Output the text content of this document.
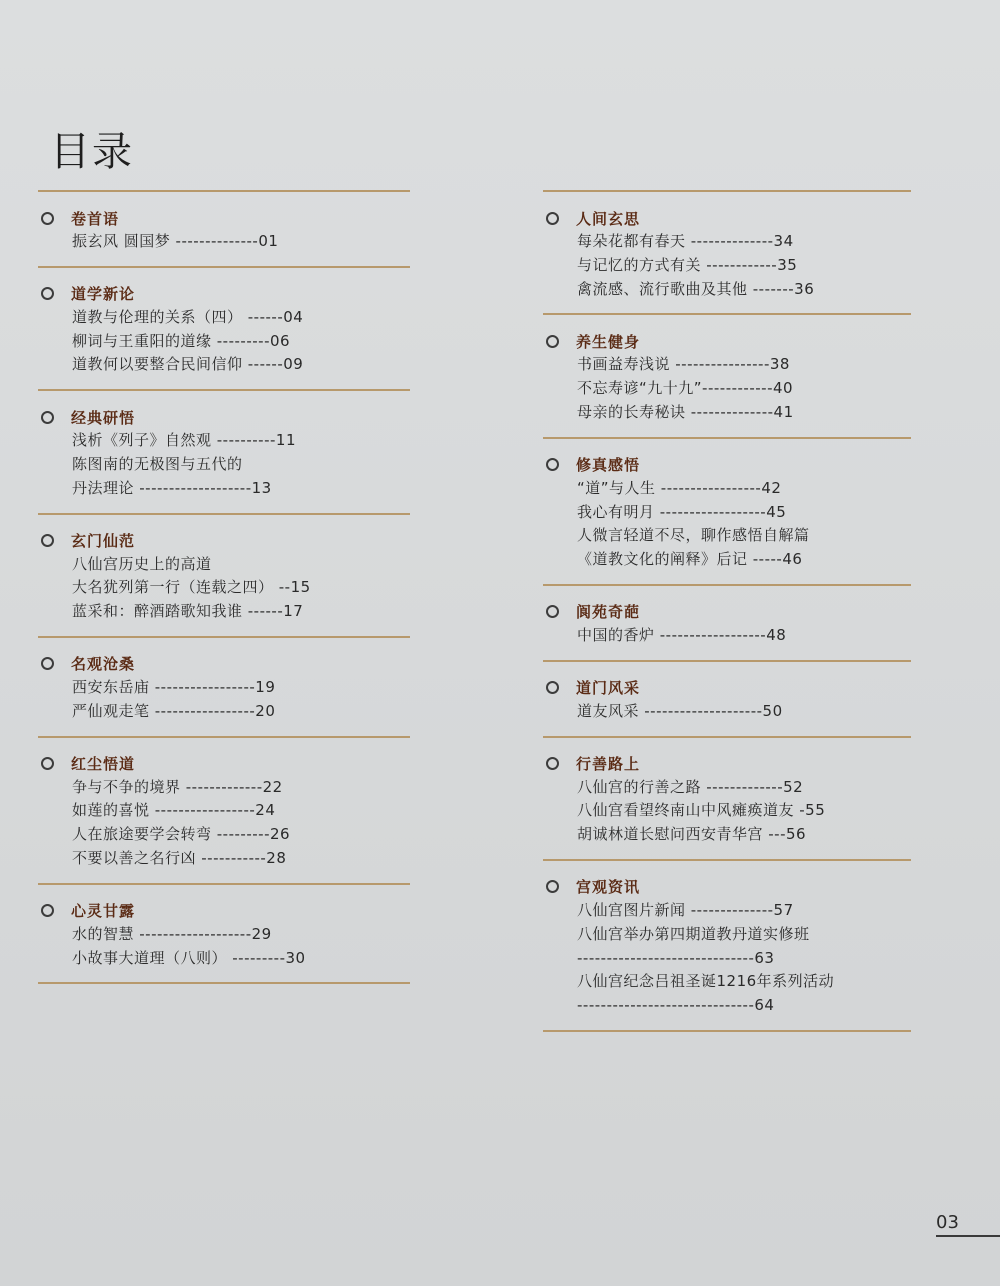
目录
卷首语
振玄风 圆国梦 --------------01
道学新论
道教与伦理的关系（四） ------04
柳词与王重阳的道缘 ---------06
道教何以要整合民间信仰 ------09
经典研悟
浅析《列子》自然观 ----------11
陈图南的无极图与五代的
丹法理论 -------------------13
玄门仙范
八仙宫历史上的高道
大名犹列第一行（连载之四） --15
蓝采和：醉酒踏歌知我谁 ------17
名观沧桑
西安东岳庙 -----------------19
严仙观走笔 -----------------20
红尘悟道
争与不争的境界 -------------22
如莲的喜悦 -----------------24
人在旅途要学会转弯 ---------26
不要以善之名行凶 -----------28
心灵甘露
水的智慧 -------------------29
小故事大道理（八则） ---------30
人间玄思
每朵花都有春天 --------------34
与记忆的方式有关 ------------35
禽流感、流行歌曲及其他 -------36
养生健身
书画益寿浅说 ----------------38
不忘寿谚“九十九”------------40
母亲的长寿秘诀 --------------41
修真感悟
“道”与人生 -----------------42
我心有明月 ------------------45
人微言轻道不尽，聊作感悟自解篇
《道教文化的阐释》后记 -----46
阆苑奇葩
中国的香炉 ------------------48
道门风采
道友风采 --------------------50
行善路上
八仙宫的行善之路 -------------52
八仙宫看望终南山中风瘫痪道友 -55
胡诚林道长慰问西安青华宫 ---56
宫观资讯
八仙宫图片新闻 --------------57
八仙宫举办第四期道教丹道实修班
------------------------------63
八仙宫纪念吕祖圣诞1216年系列活动
------------------------------64
03
